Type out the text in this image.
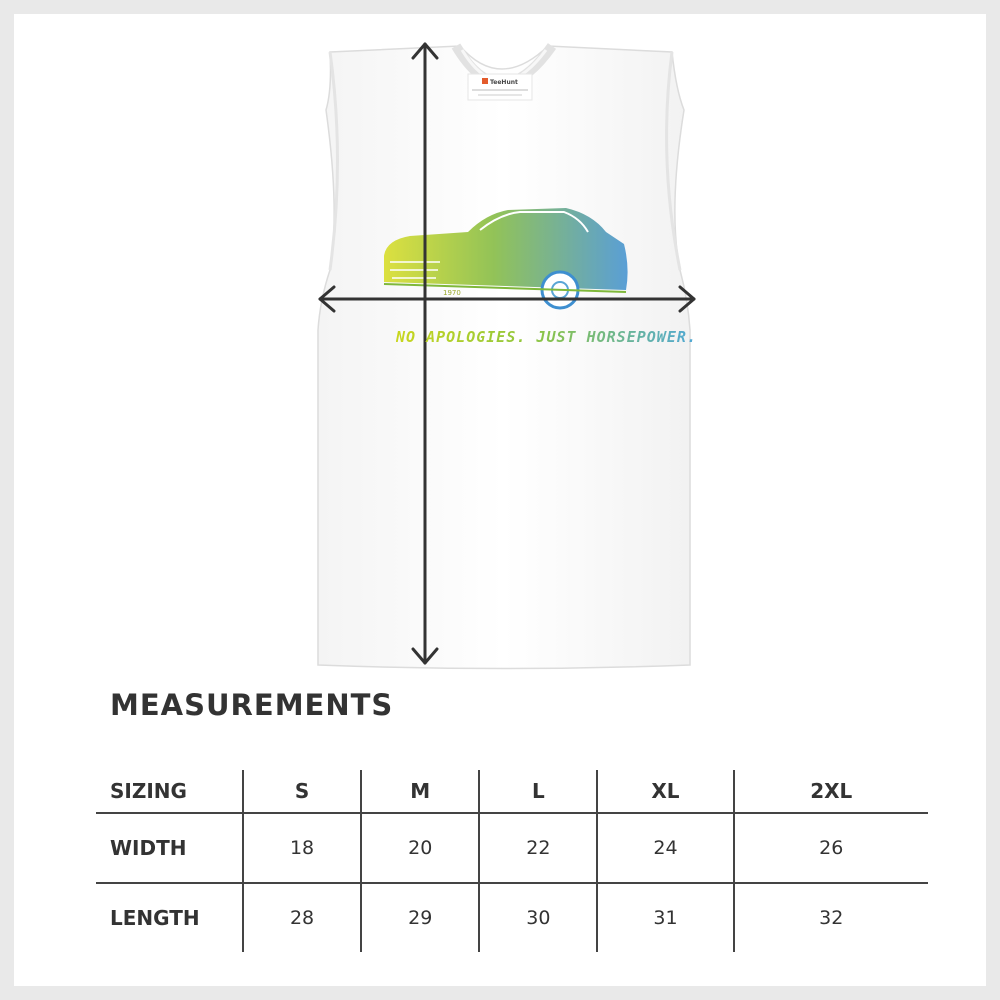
TeeHunt
1970
NO APOLOGIES. JUST HORSEPOWER.
MEASUREMENTS
SIZING	S	M	L	XL	2XL
WIDTH	18	20	22	24	26
LENGTH	28	29	30	31	32
